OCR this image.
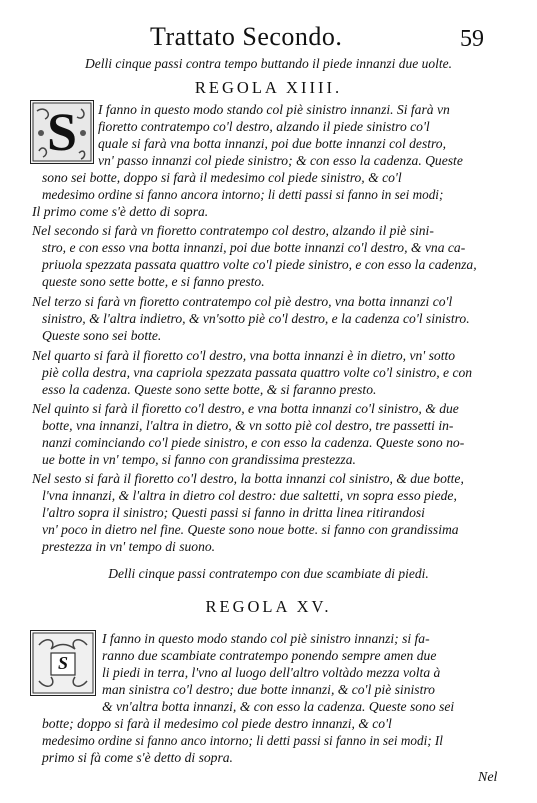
Trattato Secondo.	59
Delli cinque passi contra tempo buttando il piede innanzi due uolte.
REGOLA XIIII.
S I fanno in questo modo stando col piè sinistro innanzi. Si farà vn
fioretto contratempo co'l destro, alzando il piede sinistro co'l
quale si farà vna botta innanzi, poi due botte innanzi col destro,
vn' passo innanzi col piede sinistro; & con esso la cadenza. Queste
sono sei botte, doppo si farà il medesimo col piede sinistro, & co'l
medesimo ordine si fanno ancora intorno; li detti passi si fanno in sei modi;
Il primo come s'è detto di sopra.
Nel secondo si farà vn fioretto contratempo col destro, alzando il piè sini-
stro, e con esso vna botta innanzi, poi due botte innanzi co'l destro, & vna ca-
priuola spezzata passata quattro volte co'l piede sinistro, e con esso la cadenza,
queste sono sette botte, e si fanno presto.
Nel terzo si farà vn fioretto contratempo col piè destro, vna botta innanzi co'l
sinistro, & l'altra indietro, & vn'sotto piè co'l destro, e la cadenza co'l sinistro.
Queste sono sei botte.
Nel quarto si farà il fioretto co'l destro, vna botta innanzi è in dietro, vn' sotto
piè colla destra, vna capriola spezzata passata quattro volte co'l sinistro, e con
esso la cadenza. Queste sono sette botte, & si faranno presto.
Nel quinto si farà il fioretto co'l destro, e vna botta innanzi co'l sinistro, & due
botte, vna innanzi, l'altra in dietro, & vn sotto piè col destro, tre passetti in-
nanzi cominciando co'l piede sinistro, e con esso la cadenza. Queste sono no-
ue botte in vn' tempo, si fanno con grandissima prestezza.
Nel sesto si farà il fioretto co'l destro, la botta innanzi col sinistro, & due botte,
l'vna innanzi, & l'altra in dietro col destro: due saltetti, vn sopra esso piede,
l'altro sopra il sinistro; Questi passi si fanno in dritta linea ritirandosi
vn' poco in dietro nel fine. Queste sono noue botte. si fanno con grandissima
prestezza in vn' tempo di suono.
Delli cinque passi contratempo con due scambiate di piedi.
REGOLA XV.
S
I fanno in questo modo stando col piè sinistro innanzi; si fa-
ranno due scambiate contratempo ponendo sempre amen due
li piedi in terra, l'vno al luogo dell'altro voltàdo mezza volta à
man sinistra co'l destro; due botte innanzi, & co'l piè sinistro
& vn'altra botta innanzi, & con esso la cadenza. Queste sono sei
botte; doppo si farà il medesimo col piede destro innanzi, & co'l
medesimo ordine si fanno anco intorno; li detti passi si fanno in sei modi; Il
primo si fà come s'è detto di sopra.
Nel
